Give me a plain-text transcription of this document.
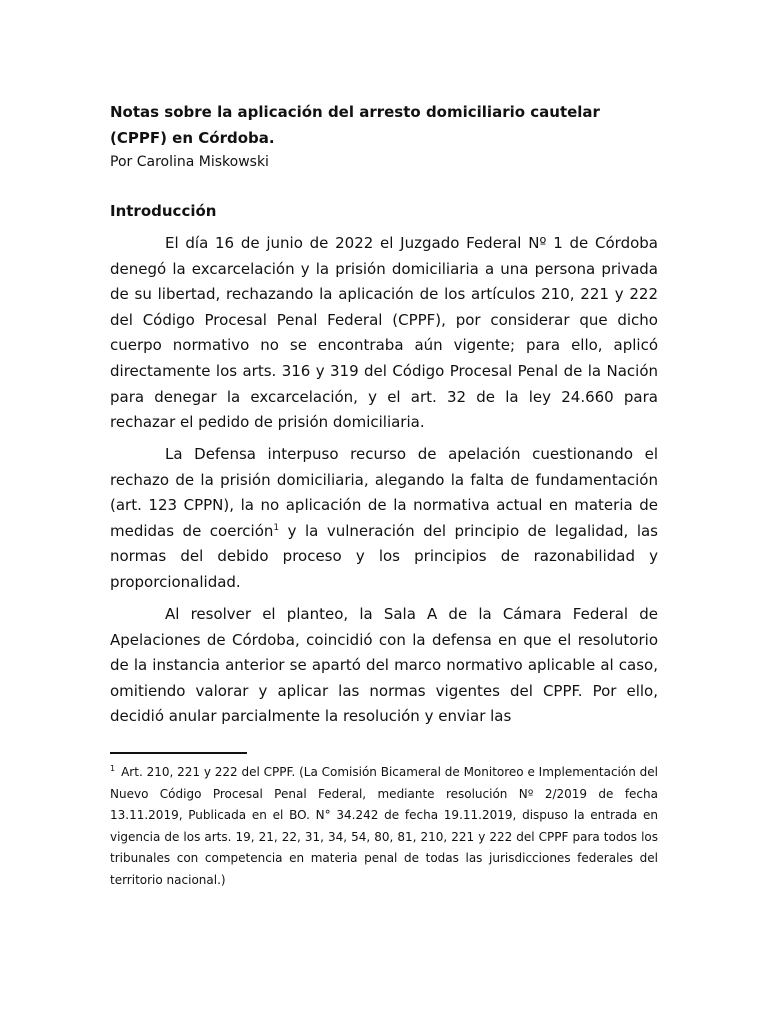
Notas sobre la aplicación del arresto domiciliario cautelar (CPPF) en Córdoba.

Por Carolina Miskowski

Introducción

El día 16 de junio de 2022 el Juzgado Federal Nº 1 de Córdoba denegó la excarcelación y la prisión domiciliaria a una persona privada de su libertad, rechazando la aplicación de los artículos 210, 221 y 222 del Código Procesal Penal Federal (CPPF), por considerar que dicho cuerpo normativo no se encontraba aún vigente; para ello, aplicó directamente los arts. 316 y 319 del Código Procesal Penal de la Nación para denegar la excarcelación, y el art. 32 de la ley 24.660 para rechazar el pedido de prisión domiciliaria.

La Defensa interpuso recurso de apelación cuestionando el rechazo de la prisión domiciliaria, alegando la falta de fundamentación (art. 123 CPPN), la no aplicación de la normativa actual en materia de medidas de coerción$^1$ y la vulneración del principio de legalidad, las normas del debido proceso y los principios de razonabilidad y proporcionalidad.

Al resolver el planteo, la Sala A de la Cámara Federal de Apelaciones de Córdoba, coincidió con la defensa en que el resolutorio de la instancia anterior se apartó del marco normativo aplicable al caso, omitiendo valorar y aplicar las normas vigentes del CPPF. Por ello, decidió anular parcialmente la resolución y enviar las

$^1$ Art. 210, 221 y 222 del CPPF. (La Comisión Bicameral de Monitoreo e Implementación del Nuevo Código Procesal Penal Federal, mediante resolución Nº 2/2019 de fecha 13.11.2019, Publicada en el BO. N° 34.242 de fecha 19.11.2019, dispuso la entrada en vigencia de los arts. 19, 21, 22, 31, 34, 54, 80, 81, 210, 221 y 222 del CPPF para todos los tribunales con competencia en materia penal de todas las jurisdicciones federales del territorio nacional.)
